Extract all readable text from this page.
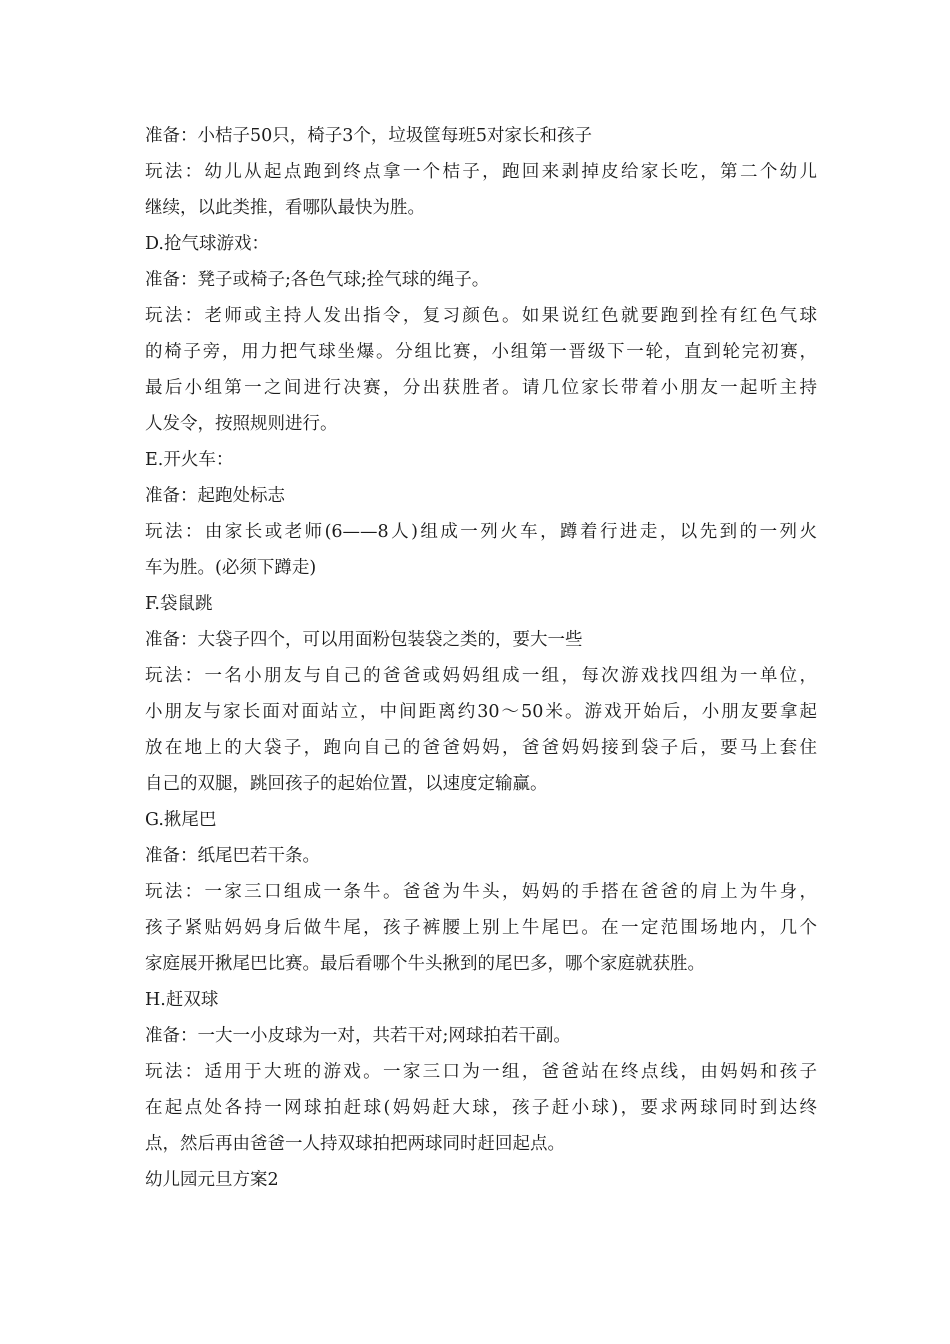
准备：小桔子50只，椅子3个，垃圾筐每班5对家长和孩子
玩法：幼儿从起点跑到终点拿一个桔子，跑回来剥掉皮给家长吃，第二个幼儿
继续，以此类推，看哪队最快为胜。
D.抢气球游戏：
准备：凳子或椅子;各色气球;拴气球的绳子。
玩法：老师或主持人发出指令，复习颜色。如果说红色就要跑到拴有红色气球
的椅子旁，用力把气球坐爆。分组比赛，小组第一晋级下一轮，直到轮完初赛，
最后小组第一之间进行决赛，分出获胜者。请几位家长带着小朋友一起听主持
人发令，按照规则进行。
E.开火车：
准备：起跑处标志
玩法：由家长或老师(6——8人)组成一列火车，蹲着行进走，以先到的一列火
车为胜。(必须下蹲走)
F.袋鼠跳
准备：大袋子四个，可以用面粉包装袋之类的，要大一些
玩法：一名小朋友与自己的爸爸或妈妈组成一组，每次游戏找四组为一单位，
小朋友与家长面对面站立，中间距离约30～50米。游戏开始后，小朋友要拿起
放在地上的大袋子，跑向自己的爸爸妈妈，爸爸妈妈接到袋子后，要马上套住
自己的双腿，跳回孩子的起始位置，以速度定输赢。
G.揪尾巴
准备：纸尾巴若干条。
玩法：一家三口组成一条牛。爸爸为牛头，妈妈的手搭在爸爸的肩上为牛身，
孩子紧贴妈妈身后做牛尾，孩子裤腰上别上牛尾巴。在一定范围场地内，几个
家庭展开揪尾巴比赛。最后看哪个牛头揪到的尾巴多，哪个家庭就获胜。
H.赶双球
准备：一大一小皮球为一对，共若干对;网球拍若干副。
玩法：适用于大班的游戏。一家三口为一组，爸爸站在终点线，由妈妈和孩子
在起点处各持一网球拍赶球(妈妈赶大球，孩子赶小球)，要求两球同时到达终
点，然后再由爸爸一人持双球拍把两球同时赶回起点。
幼儿园元旦方案2
